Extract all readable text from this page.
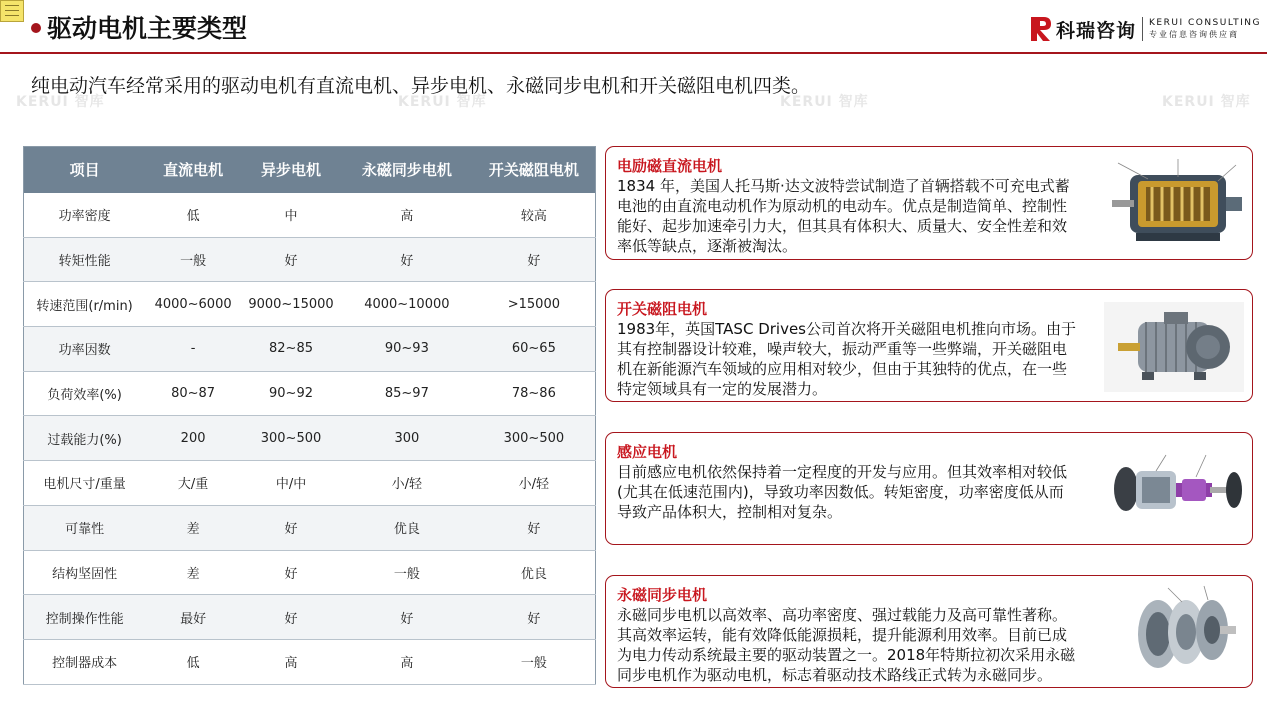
驱动电机主要类型	科瑞咨询 KERUI CONSULTING
专业信息咨询供应商
KERUI 智库	KERUI 智库	KERUI 智库	KERUI 智库
纯电动汽车经常采用的驱动电机有直流电机、异步电机、永磁同步电机和开关磁阻电机四类。
项目	直流电机	异步电机	永磁同步电机	开关磁阻电机
功率密度	低	中	高	较高
转矩性能	一般	好	好	好
转速范围(r/min)	4000~6000	9000~15000	4000~10000	>15000
功率因数	-	82~85	90~93	60~65
负荷效率(%)	80~87	90~92	85~97	78~86
过载能力(%)	200	300~500	300	300~500
电机尺寸/重量	大/重	中/中	小/轻	小/轻
可靠性	差	好	优良	好
结构坚固性	差	好	一般	优良
控制操作性能	最好	好	好	好
控制器成本	低	高	高	一般
电励磁直流电机
1834 年，美国人托马斯·达文波特尝试制造了首辆搭载不可充电式蓄
电池的由直流电动机作为原动机的电动车。优点是制造简单、控制性
能好、起步加速牵引力大，但其具有体积大、质量大、安全性差和效
率低等缺点，逐渐被淘汰。
开关磁阻电机
1983年，英国TASC Drives公司首次将开关磁阻电机推向市场。由于
其有控制器设计较难，噪声较大，振动严重等一些弊端，开关磁阻电
机在新能源汽车领域的应用相对较少，但由于其独特的优点，在一些
特定领域具有一定的发展潜力。
感应电机
目前感应电机依然保持着一定程度的开发与应用。但其效率相对较低
(尤其在低速范围内)，导致功率因数低。转矩密度，功率密度低从而
导致产品体积大，控制相对复杂。
永磁同步电机
永磁同步电机以高效率、高功率密度、强过载能力及高可靠性著称。
其高效率运转，能有效降低能源损耗，提升能源利用效率。目前已成
为电力传动系统最主要的驱动装置之一。2018年特斯拉初次采用永磁
同步电机作为驱动电机，标志着驱动技术路线正式转为永磁同步。
